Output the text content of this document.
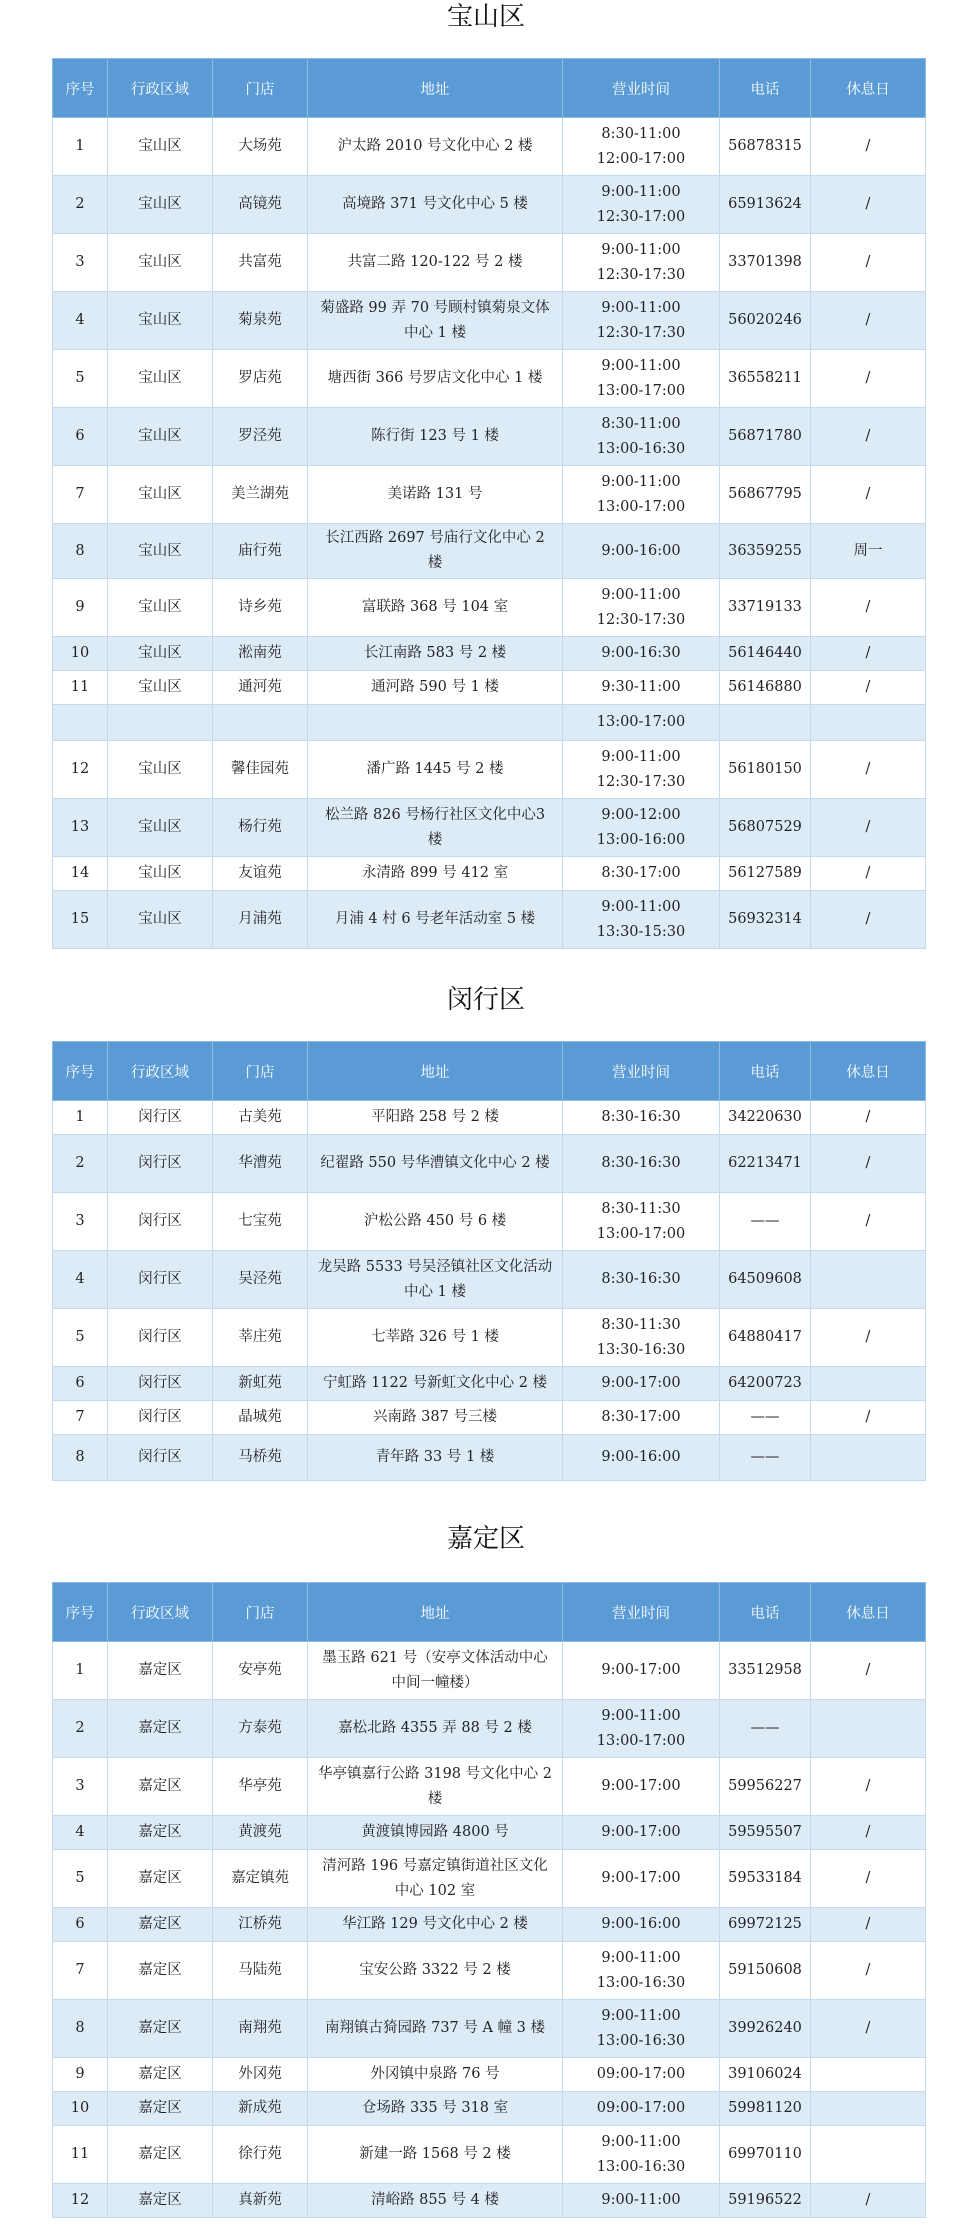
宝山区
序号	行政区域	门店	地址	营业时间	电话	休息日
1	宝山区	大场苑	沪太路 2010 号文化中心 2 楼	8:30-11:00
12:00-17:00	56878315	/
2	宝山区	高镜苑	高境路 371 号文化中心 5 楼	9:00-11:00
12:30-17:00	65913624	/
3	宝山区	共富苑	共富二路 120-122 号 2 楼	9:00-11:00
12:30-17:30	33701398	/
4	宝山区	菊泉苑	菊盛路 99 弄 70 号顾村镇菊泉文体中心 1 楼	9:00-11:00
12:30-17:30	56020246	/
5	宝山区	罗店苑	塘西街 366 号罗店文化中心 1 楼	9:00-11:00
13:00-17:00	36558211	/
6	宝山区	罗泾苑	陈行街 123 号 1 楼	8:30-11:00
13:00-16:30	56871780	/
7	宝山区	美兰湖苑	美诺路 131 号	9:00-11:00
13:00-17:00	56867795	/
8	宝山区	庙行苑	长江西路 2697 号庙行文化中心 2 楼	9:00-16:00	36359255	周一
9	宝山区	诗乡苑	富联路 368 号 104 室	9:00-11:00
12:30-17:30	33719133	/
10	宝山区	淞南苑	长江南路 583 号 2 楼	9:00-16:30	56146440	/
11	宝山区	通河苑	通河路 590 号 1 楼	9:30-11:00	56146880	/
				13:00-17:00		
12	宝山区	馨佳园苑	潘广路 1445 号 2 楼	9:00-11:00
12:30-17:30	56180150	/
13	宝山区	杨行苑	松兰路 826 号杨行社区文化中心3 楼	9:00-12:00
13:00-16:00	56807529	/
14	宝山区	友谊苑	永清路 899 号 412 室	8:30-17:00	56127589	/
15	宝山区	月浦苑	月浦 4 村 6 号老年活动室 5 楼	9:00-11:00
13:30-15:30	56932314	/
闵行区
序号	行政区域	门店	地址	营业时间	电话	休息日
1	闵行区	古美苑	平阳路 258 号 2 楼	8:30-16:30	34220630	/
2	闵行区	华漕苑	纪翟路 550 号华漕镇文化中心 2 楼	8:30-16:30	62213471	/
3	闵行区	七宝苑	沪松公路 450 号 6 楼	8:30-11:30
13:00-17:00	——	/
4	闵行区	吴泾苑	龙吴路 5533 号吴泾镇社区文化活动中心 1 楼	8:30-16:30	64509608	
5	闵行区	莘庄苑	七莘路 326 号 1 楼	8:30-11:30
13:30-16:30	64880417	/
6	闵行区	新虹苑	宁虹路 1122 号新虹文化中心 2 楼	9:00-17:00	64200723	
7	闵行区	晶城苑	兴南路 387 号三楼	8:30-17:00	——	/
8	闵行区	马桥苑	青年路 33 号 1 楼	9:00-16:00	——	
嘉定区
序号	行政区域	门店	地址	营业时间	电话	休息日
1	嘉定区	安亭苑	墨玉路 621 号（安亭文体活动中心中间一幢楼）	9:00-17:00	33512958	/
2	嘉定区	方泰苑	嘉松北路 4355 弄 88 号 2 楼	9:00-11:00
13:00-17:00	——	
3	嘉定区	华亭苑	华亭镇嘉行公路 3198 号文化中心 2 楼	9:00-17:00	59956227	/
4	嘉定区	黄渡苑	黄渡镇博园路 4800 号	9:00-17:00	59595507	/
5	嘉定区	嘉定镇苑	清河路 196 号嘉定镇街道社区文化中心 102 室	9:00-17:00	59533184	/
6	嘉定区	江桥苑	华江路 129 号文化中心 2 楼	9:00-16:00	69972125	/
7	嘉定区	马陆苑	宝安公路 3322 号 2 楼	9:00-11:00
13:00-16:30	59150608	/
8	嘉定区	南翔苑	南翔镇古猗园路 737 号 A 幢 3 楼	9:00-11:00
13:00-16:30	39926240	/
9	嘉定区	外冈苑	外冈镇中泉路 76 号	09:00-17:00	39106024	
10	嘉定区	新成苑	仓场路 335 号 318 室	09:00-17:00	59981120	
11	嘉定区	徐行苑	新建一路 1568 号 2 楼	9:00-11:00
13:00-16:30	69970110	
12	嘉定区	真新苑	清峪路 855 号 4 楼	9:00-11:00	59196522	/
